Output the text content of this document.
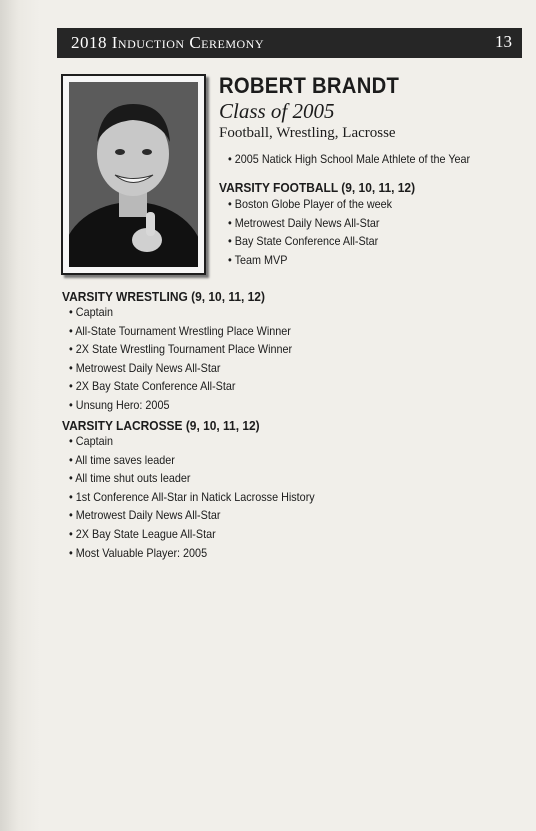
2018 Induction Ceremony	13
ROBERT BRANDT
Class of 2005
Football, Wrestling, Lacrosse
• 2005 Natick High School Male Athlete of the Year
VARSITY FOOTBALL (9, 10, 11, 12)
• Boston Globe Player of the week
• Metrowest Daily News All-Star
• Bay State Conference All-Star
• Team MVP
VARSITY WRESTLING (9, 10, 11, 12)
• Captain
• All-State Tournament Wrestling Place Winner
• 2X State Wrestling Tournament Place Winner
• Metrowest Daily News All-Star
• 2X Bay State Conference All-Star
• Unsung Hero: 2005
VARSITY LACROSSE (9, 10, 11, 12)
• Captain
• All time saves leader
• All time shut outs leader
• 1st Conference All-Star in Natick Lacrosse History
• Metrowest Daily News All-Star
• 2X Bay State League All-Star
• Most Valuable Player: 2005
